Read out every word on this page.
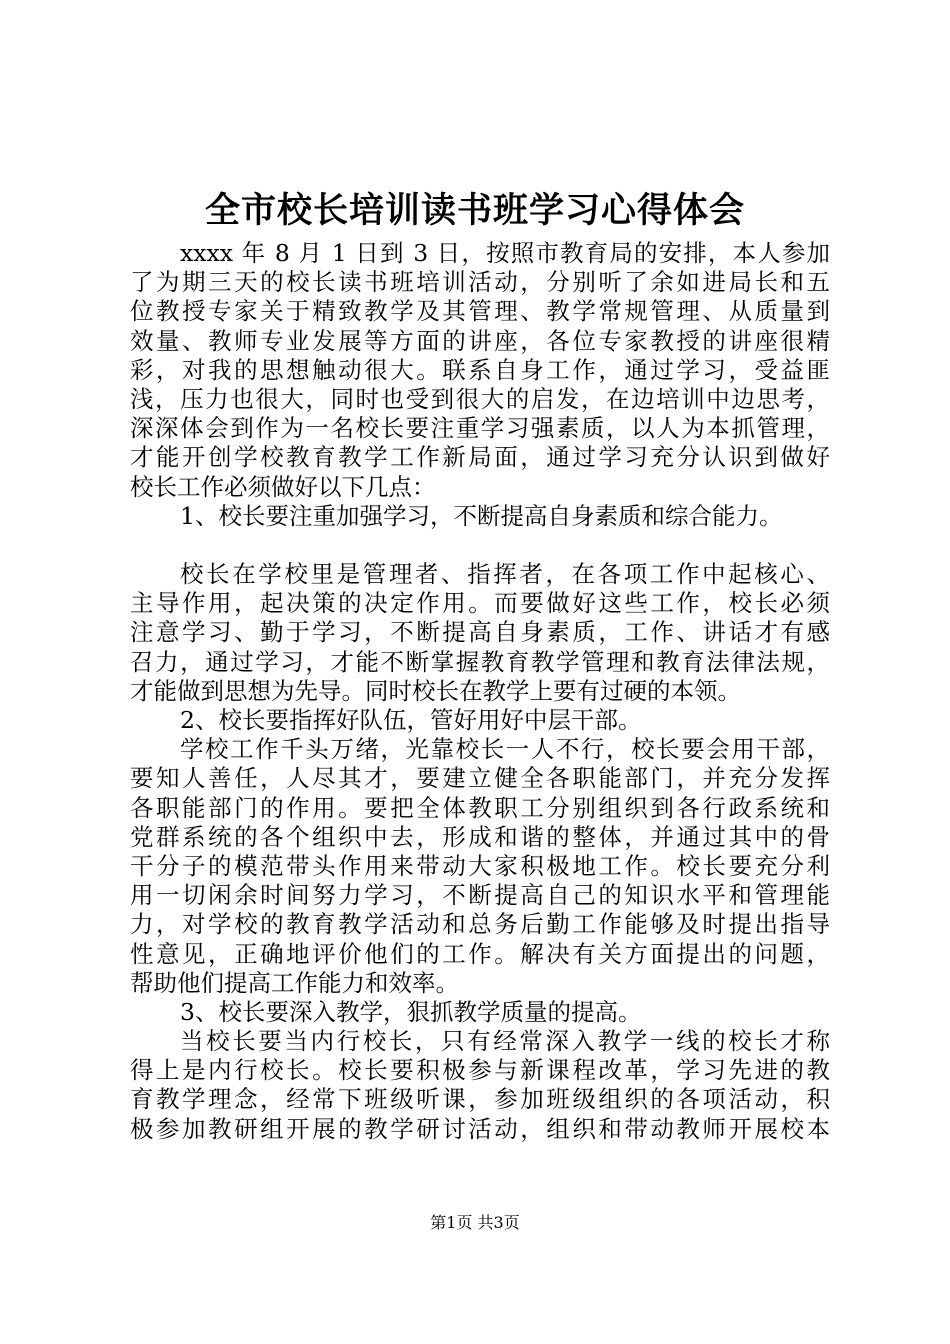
全市校长培训读书班学习心得体会
xxxx 年 8 月 1 日到 3 日，按照市教育局的安排，本人参加
了为期三天的校长读书班培训活动，分别听了余如进局长和五
位教授专家关于精致教学及其管理、教学常规管理、从质量到
效量、教师专业发展等方面的讲座，各位专家教授的讲座很精
彩，对我的思想触动很大。联系自身工作，通过学习，受益匪
浅，压力也很大，同时也受到很大的启发，在边培训中边思考，
深深体会到作为一名校长要注重学习强素质，以人为本抓管理，
才能开创学校教育教学工作新局面，通过学习充分认识到做好
校长工作必须做好以下几点：
1、校长要注重加强学习，不断提高自身素质和综合能力。
校长在学校里是管理者、指挥者，在各项工作中起核心、
主导作用，起决策的决定作用。而要做好这些工作，校长必须
注意学习、勤于学习，不断提高自身素质，工作、讲话才有感
召力，通过学习，才能不断掌握教育教学管理和教育法律法规，
才能做到思想为先导。同时校长在教学上要有过硬的本领。
2、校长要指挥好队伍，管好用好中层干部。
学校工作千头万绪，光靠校长一人不行，校长要会用干部，
要知人善任，人尽其才，要建立健全各职能部门，并充分发挥
各职能部门的作用。要把全体教职工分别组织到各行政系统和
党群系统的各个组织中去，形成和谐的整体，并通过其中的骨
干分子的模范带头作用来带动大家积极地工作。校长要充分利
用一切闲余时间努力学习，不断提高自己的知识水平和管理能
力，对学校的教育教学活动和总务后勤工作能够及时提出指导
性意见，正确地评价他们的工作。解决有关方面提出的问题，
帮助他们提高工作能力和效率。
3、校长要深入教学，狠抓教学质量的提高。
当校长要当内行校长，只有经常深入教学一线的校长才称
得上是内行校长。校长要积极参与新课程改革，学习先进的教
育教学理念，经常下班级听课，参加班级组织的各项活动，积
极参加教研组开展的教学研讨活动，组织和带动教师开展校本
第1页 共3页
